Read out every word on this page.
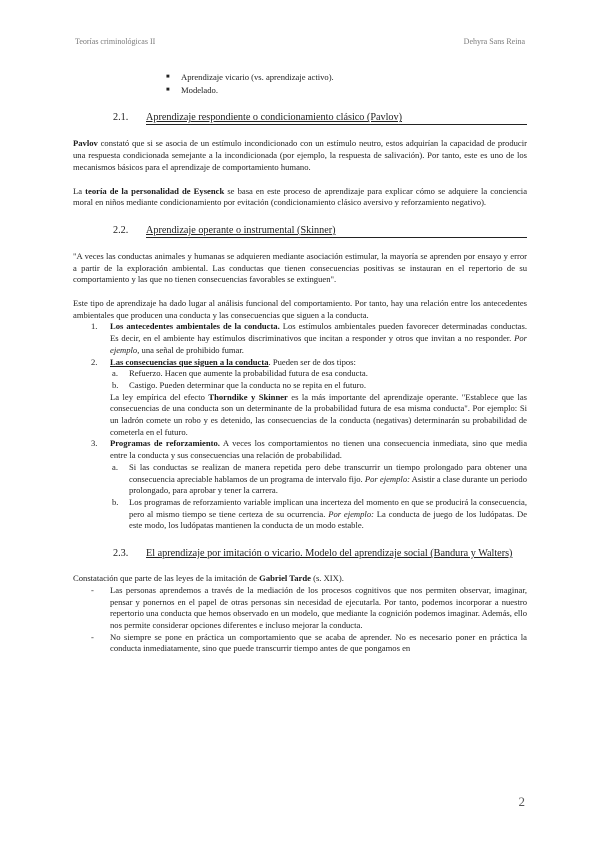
Teorías criminológicas II	Dehyra Sans Reina

■ Aprendizaje vicario (vs. aprendizaje activo).

■ Modelado.

2.1.	Aprendizaje respondiente o condicionamiento clásico (Pavlov)

Pavlov constató que si se asocia de un estímulo incondicionado con un estímulo neutro, estos adquirían la capacidad de producir una respuesta condicionada semejante a la incondicionada (por ejemplo, la respuesta de salivación). Por tanto, este es uno de los mecanismos básicos para el aprendizaje de comportamiento humano.

La teoría de la personalidad de Eysenck se basa en este proceso de aprendizaje para explicar cómo se adquiere la conciencia moral en niños mediante condicionamiento por evitación (condicionamiento clásico aversivo y reforzamiento negativo).

2.2.	Aprendizaje operante o instrumental (Skinner)

"A veces las conductas animales y humanas se adquieren mediante asociación estimular, la mayoría se aprenden por ensayo y error a partir de la exploración ambiental. Las conductas que tienen consecuencias positivas se instauran en el repertorio de su comportamiento y las que no tienen consecuencias favorables se extinguen".

Este tipo de aprendizaje ha dado lugar al análisis funcional del comportamiento. Por tanto, hay una relación entre los antecedentes ambientales que producen una conducta y las consecuencias que siguen a la conducta.

1. Los antecedentes ambientales de la conducta. Los estímulos ambientales pueden favorecer determinadas conductas. Es decir, en el ambiente hay estímulos discriminativos que incitan a responder y otros que invitan a no responder. Por ejemplo, una señal de prohibido fumar.
2. Las consecuencias que siguen a la conducta. Pueden ser de dos tipos:
a. Refuerzo. Hacen que aumente la probabilidad futura de esa conducta.
b. Castigo. Pueden determinar que la conducta no se repita en el futuro.
La ley empírica del efecto Thorndike y Skinner es la más importante del aprendizaje operante. "Establece que las consecuencias de una conducta son un determinante de la probabilidad futura de esa misma conducta". Por ejemplo: Si un ladrón comete un robo y es detenido, las consecuencias de la conducta (negativas) determinarán su probabilidad de cometerla en el futuro.
3. Programas de reforzamiento. A veces los comportamientos no tienen una consecuencia inmediata, sino que media entre la conducta y sus consecuencias una relación de probabilidad.
a. Si las conductas se realizan de manera repetida pero debe transcurrir un tiempo prolongado para obtener una consecuencia apreciable hablamos de un programa de intervalo fijo. Por ejemplo: Asistir a clase durante un periodo prolongado, para aprobar y tener la carrera.
b. Los programas de reforzamiento variable implican una incerteza del momento en que se producirá la consecuencia, pero al mismo tiempo se tiene certeza de su ocurrencia. Por ejemplo: La conducta de juego de los ludópatas. De este modo, los ludópatas mantienen la conducta de un modo estable.
2.3.	El aprendizaje por imitación o vicario. Modelo del aprendizaje social (Bandura y Walters)

Constatación que parte de las leyes de la imitación de Gabriel Tarde (s. XIX).

- Las personas aprendemos a través de la mediación de los procesos cognitivos que nos permiten observar, imaginar, pensar y ponernos en el papel de otras personas sin necesidad de ejecutarla. Por tanto, podemos incorporar a nuestro repertorio una conducta que hemos observado en un modelo, que mediante la cognición podemos imaginar. Además, ello nos permite considerar opciones diferentes e incluso mejorar la conducta.
- No siempre se pone en práctica un comportamiento que se acaba de aprender. No es necesario poner en práctica la conducta inmediatamente, sino que puede transcurrir tiempo antes de que pongamos en
2
